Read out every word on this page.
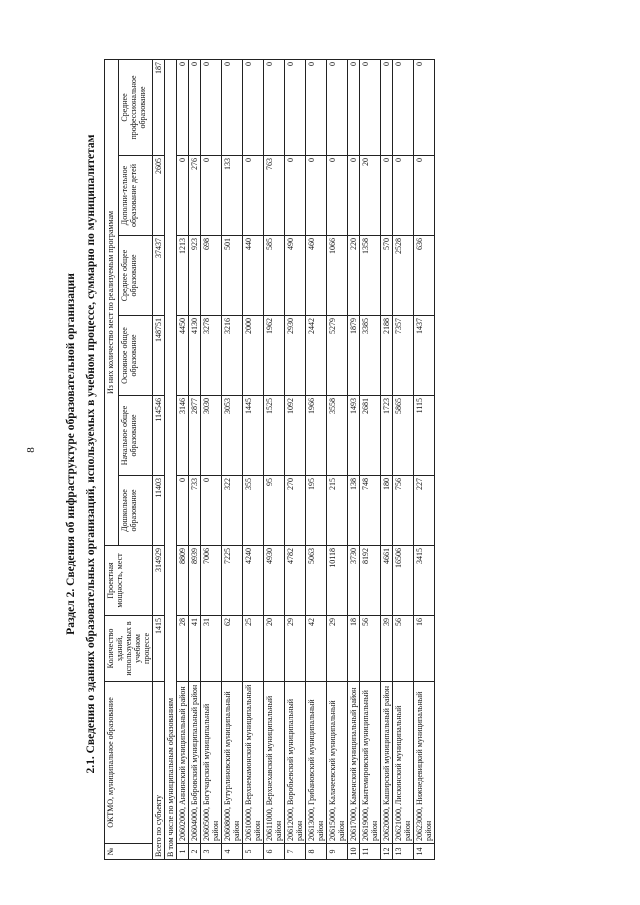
8 Раздел 2. Сведения об инфраструктуре образовательной организации 2.1. Сведения о зданиях образовательных организаций, используемых в учебном процессе, суммарно по муниципалитетам
№	ОКТМО, муниципальное образование	Количество зданий, используемых в учебном процессе	Проектная мощность, мест	Из них количество мест по реализуемым программам					
				Дошкольное образование	Начальное общее образование	Основное общее образование	Среднее общее образование	Дополни-тельное образование детей	Среднее профессиональное образование
Всего по субъекту		1415	314929	11403	114546	148751	37437	2605	187
В том числе по муниципальным образованиям									
1	20602000, Аннинский муниципальный район	28	8809	0	3146	4450	1213	0	0
2	20604000, Бобровский муниципальный район	41	8939	733	2877	4130	923	276	0
3	20605000, Богучарский муниципальный район	31	7006	0	3030	3278	698	0	0
4	20608000, Бутурлиновский муниципальный район	62	7225	322	3053	3216	501	133	0
5	20610000, Верхнемамонский муниципальный район	25	4240	355	1445	2000	440	0	0
6	20611000, Верхнехавский муниципальный район	20	4930	95	1525	1962	585	763	0
7	20612000, Воробьевский муниципальный район	29	4782	270	1092	2930	490	0	0
8	20613000, Грибановский муниципальный район	42	5063	195	1966	2442	460	0	0
9	20615000, Калачеевский муниципальный район	29	10118	215	3558	5279	1066	0	0
10	20617000, Каменский муниципальный район	18	3730	138	1493	1879	220	0	0
11	20619000, Кантемировский муниципальный район	56	8192	748	2681	3385	1358	20	0
12	20620000, Каширский муниципальный район	39	4661	180	1723	2188	570	0	0
13	20621000, Лискинский муниципальный район	56	16506	756	5865	7357	2528	0	0
14	20623000, Нижнедевицкий муниципальный район	16	3415	227	1115	1437	636	0	0
